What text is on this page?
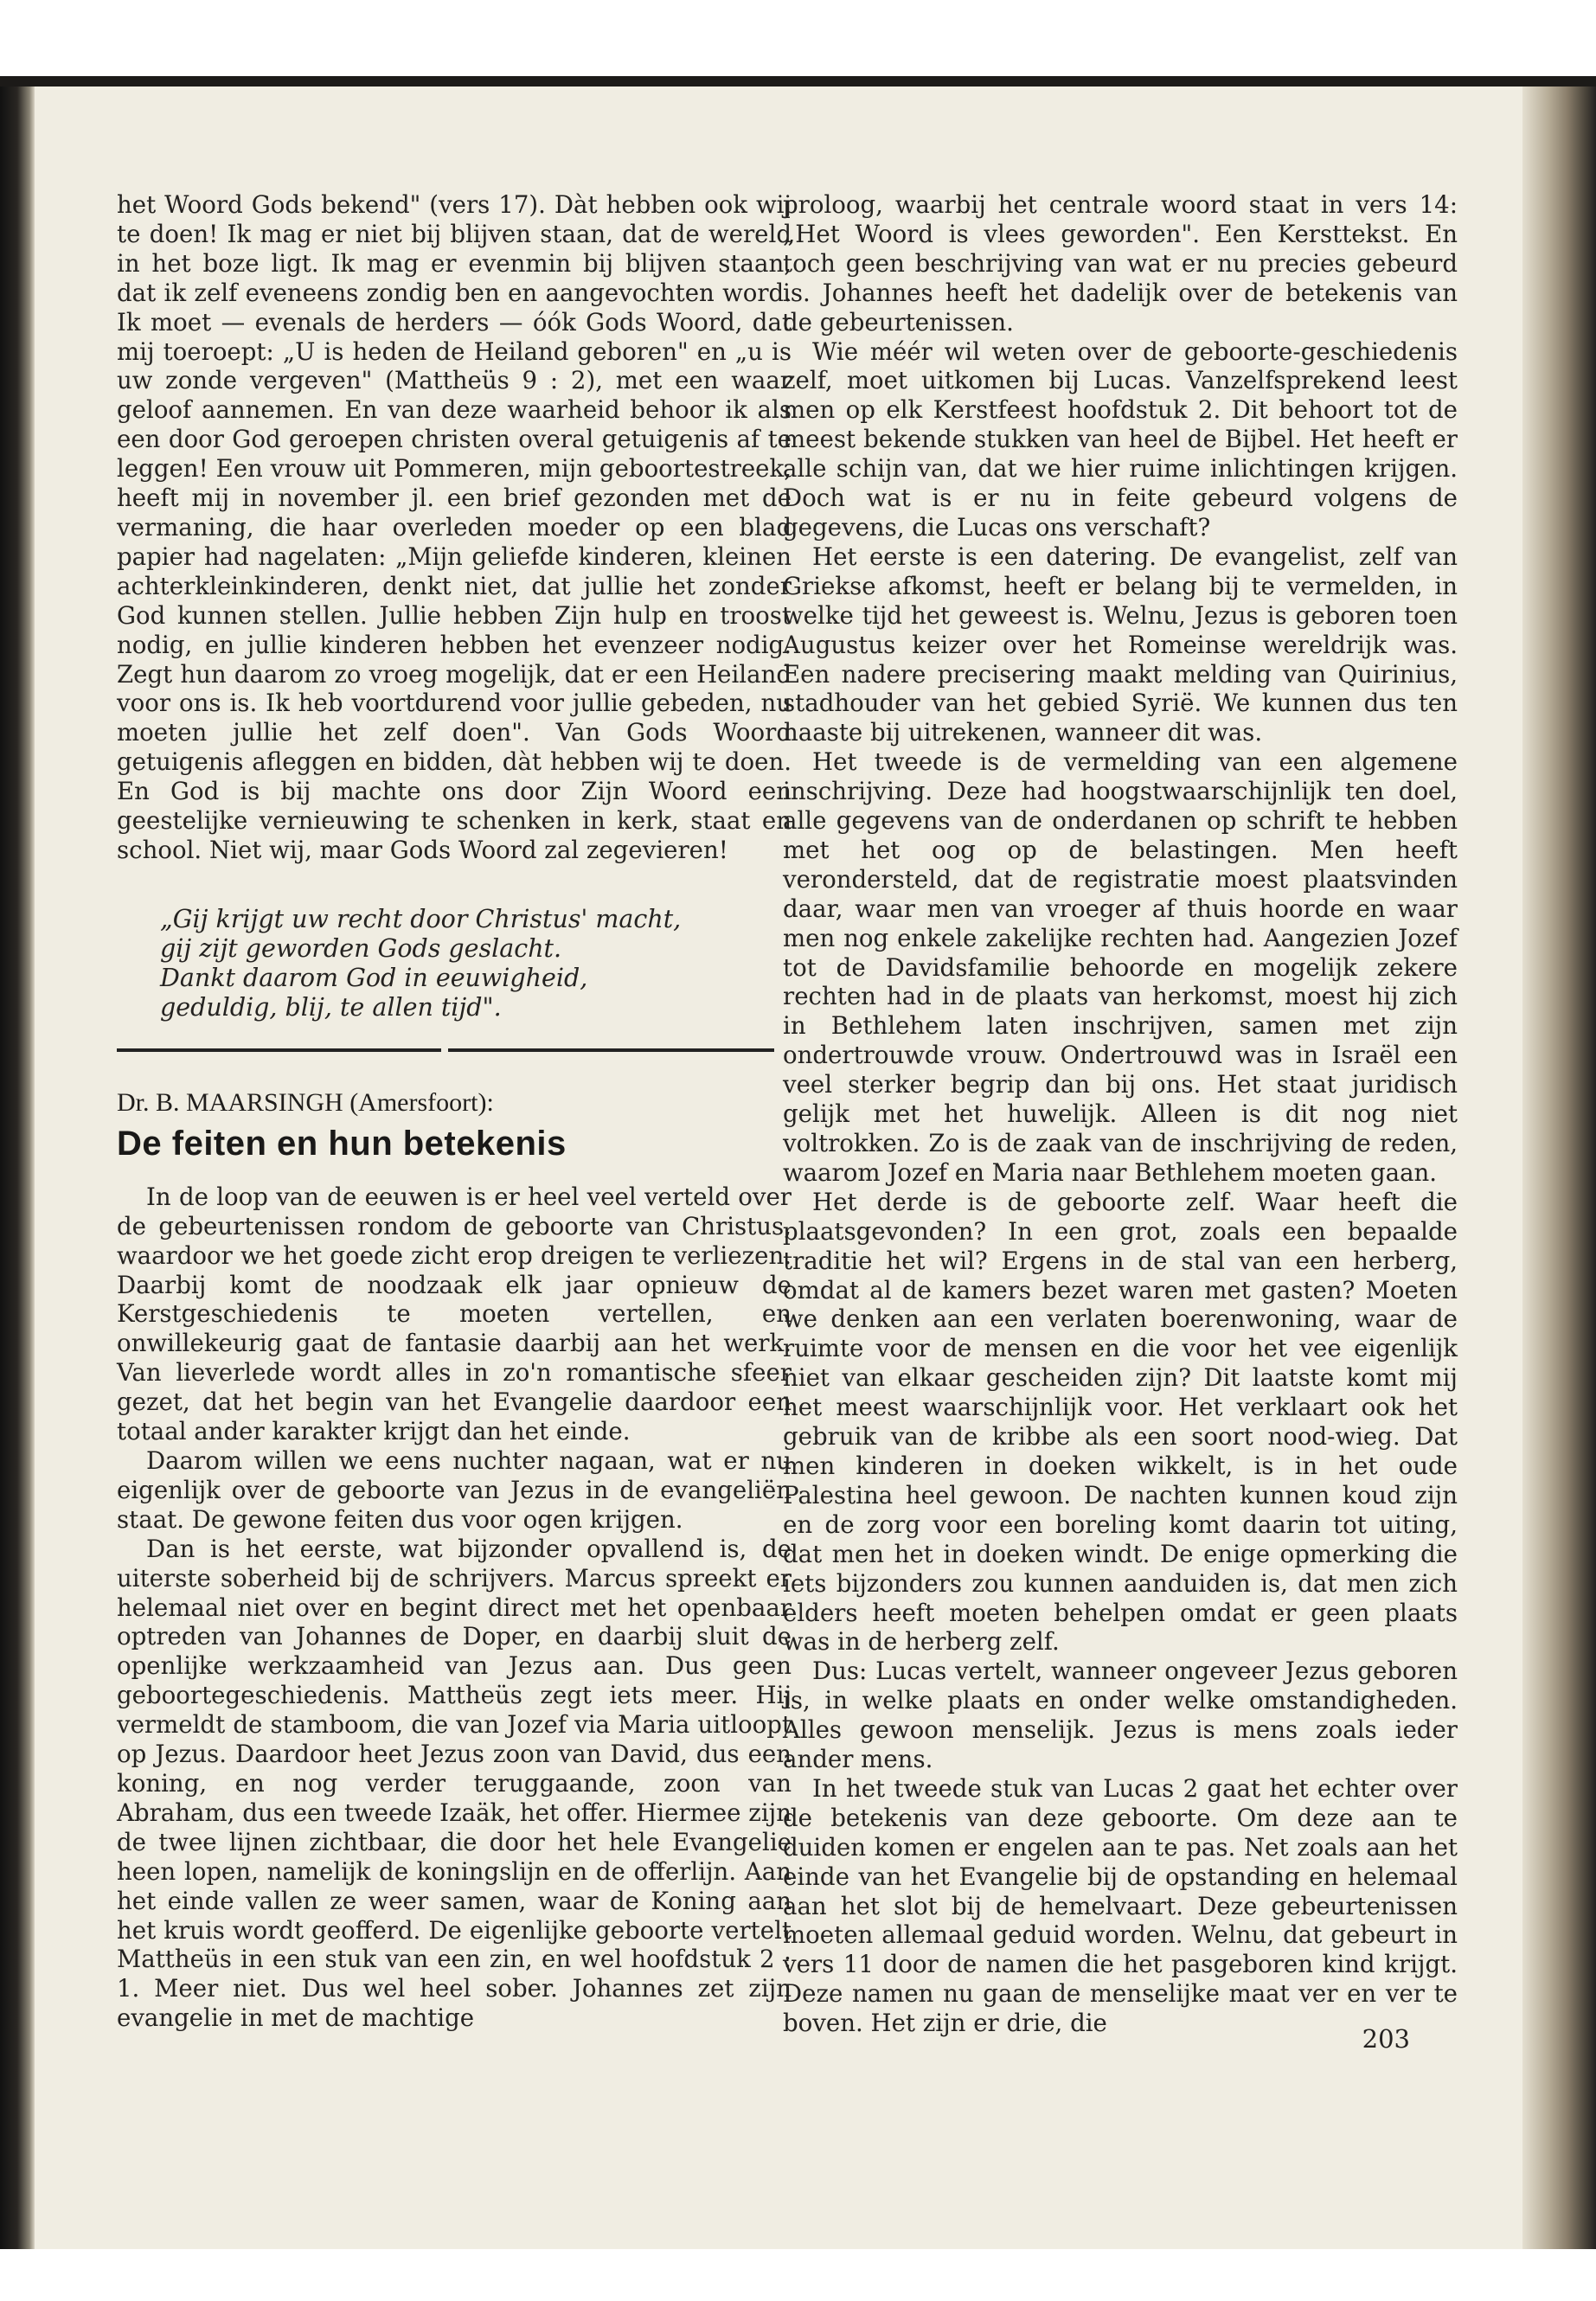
het Woord Gods bekend" (vers 17). Dàt hebben ook wij te doen! Ik mag er niet bij blijven staan, dat de wereld in het boze ligt. Ik mag er evenmin bij blijven staan, dat ik zelf eveneens zondig ben en aangevochten word. Ik moet — evenals de herders — óók Gods Woord, dat mij toeroept: „U is heden de Heiland geboren" en „u is uw zonde vergeven" (Mattheüs 9 : 2), met een waar geloof aannemen. En van deze waarheid behoor ik als een door God geroepen christen overal getuigenis af te leggen! Een vrouw uit Pommeren, mijn geboortestreek, heeft mij in november jl. een brief gezonden met de vermaning, die haar overleden moeder op een blad papier had nagelaten: „Mijn geliefde kinderen, kleinen achterkleinkinderen, denkt niet, dat jullie het zonder God kunnen stellen. Jullie hebben Zijn hulp en troost nodig, en jullie kinderen hebben het evenzeer nodig. Zegt hun daarom zo vroeg mogelijk, dat er een Heiland voor ons is. Ik heb voortdurend voor jullie gebeden, nu moeten jullie het zelf doen". Van Gods Woord getuigenis afleggen en bidden, dàt hebben wij te doen. En God is bij machte ons door Zijn Woord een geestelijke vernieuwing te schenken in kerk, staat en school. Niet wij, maar Gods Woord zal zegevieren!

„Gij krijgt uw recht door Christus' macht,
gij zijt geworden Gods geslacht.
Dankt daarom God in eeuwigheid,
geduldig, blij, te allen tijd".
Dr. B. MAARSINGH (Amersfoort):
De feiten en hun betekenis

In de loop van de eeuwen is er heel veel verteld over de gebeurtenissen rondom de geboorte van Christus, waardoor we het goede zicht erop dreigen te verliezen. Daarbij komt de noodzaak elk jaar opnieuw de Kerstgeschiedenis te moeten vertellen, en onwillekeurig gaat de fantasie daarbij aan het werk. Van lieverlede wordt alles in zo'n romantische sfeer gezet, dat het begin van het Evangelie daardoor een totaal ander karakter krijgt dan het einde.

Daarom willen we eens nuchter nagaan, wat er nu eigenlijk over de geboorte van Jezus in de evangeliën staat. De gewone feiten dus voor ogen krijgen.

Dan is het eerste, wat bijzonder opvallend is, de uiterste soberheid bij de schrijvers. Marcus spreekt er helemaal niet over en begint direct met het openbaar optreden van Johannes de Doper, en daarbij sluit de openlijke werkzaamheid van Jezus aan. Dus geen geboortegeschiedenis. Mattheüs zegt iets meer. Hij vermeldt de stamboom, die van Jozef via Maria uitloopt op Jezus. Daardoor heet Jezus zoon van David, dus een koning, en nog verder teruggaande, zoon van Abraham, dus een tweede Izaäk, het offer. Hiermee zijn de twee lijnen zichtbaar, die door het hele Evangelie heen lopen, namelijk de koningslijn en de offerlijn. Aan het einde vallen ze weer samen, waar de Koning aan het kruis wordt geofferd. De eigenlijke geboorte vertelt Mattheüs in een stuk van een zin, en wel hoofdstuk 2 : 1. Meer niet. Dus wel heel sober. Johannes zet zijn evangelie in met de machtige

proloog, waarbij het centrale woord staat in vers 14: „Het Woord is vlees geworden". Een Kersttekst. En toch geen beschrijving van wat er nu precies gebeurd is. Johannes heeft het dadelijk over de betekenis van de gebeurtenissen.

Wie méér wil weten over de geboorte-geschiedenis zelf, moet uitkomen bij Lucas. Vanzelfsprekend leest men op elk Kerstfeest hoofdstuk 2. Dit behoort tot de meest bekende stukken van heel de Bijbel. Het heeft er alle schijn van, dat we hier ruime inlichtingen krijgen. Doch wat is er nu in feite gebeurd volgens de gegevens, die Lucas ons verschaft?

Het eerste is een datering. De evangelist, zelf van Griekse afkomst, heeft er belang bij te vermelden, in welke tijd het geweest is. Welnu, Jezus is geboren toen Augustus keizer over het Romeinse wereldrijk was. Een nadere precisering maakt melding van Quirinius, stadhouder van het gebied Syrië. We kunnen dus ten naaste bij uitrekenen, wanneer dit was.

Het tweede is de vermelding van een algemene inschrijving. Deze had hoogstwaarschijnlijk ten doel, alle gegevens van de onderdanen op schrift te hebben met het oog op de belastingen. Men heeft verondersteld, dat de registratie moest plaatsvinden daar, waar men van vroeger af thuis hoorde en waar men nog enkele zakelijke rechten had. Aangezien Jozef tot de Davidsfamilie behoorde en mogelijk zekere rechten had in de plaats van herkomst, moest hij zich in Bethlehem laten inschrijven, samen met zijn ondertrouwde vrouw. Ondertrouwd was in Israël een veel sterker begrip dan bij ons. Het staat juridisch gelijk met het huwelijk. Alleen is dit nog niet voltrokken. Zo is de zaak van de inschrijving de reden, waarom Jozef en Maria naar Bethlehem moeten gaan.

Het derde is de geboorte zelf. Waar heeft die plaatsgevonden? In een grot, zoals een bepaalde traditie het wil? Ergens in de stal van een herberg, omdat al de kamers bezet waren met gasten? Moeten we denken aan een verlaten boerenwoning, waar de ruimte voor de mensen en die voor het vee eigenlijk niet van elkaar gescheiden zijn? Dit laatste komt mij het meest waarschijnlijk voor. Het verklaart ook het gebruik van de kribbe als een soort nood-wieg. Dat men kinderen in doeken wikkelt, is in het oude Palestina heel gewoon. De nachten kunnen koud zijn en de zorg voor een boreling komt daarin tot uiting, dat men het in doeken windt. De enige opmerking die iets bijzonders zou kunnen aanduiden is, dat men zich elders heeft moeten behelpen omdat er geen plaats was in de herberg zelf.

Dus: Lucas vertelt, wanneer ongeveer Jezus geboren is, in welke plaats en onder welke omstandigheden. Alles gewoon menselijk. Jezus is mens zoals ieder ander mens.

In het tweede stuk van Lucas 2 gaat het echter over de betekenis van deze geboorte. Om deze aan te duiden komen er engelen aan te pas. Net zoals aan het einde van het Evangelie bij de opstanding en helemaal aan het slot bij de hemelvaart. Deze gebeurtenissen moeten allemaal geduid worden. Welnu, dat gebeurt in vers 11 door de namen die het pasgeboren kind krijgt. Deze namen nu gaan de menselijke maat ver en ver te boven. Het zijn er drie, die

203
